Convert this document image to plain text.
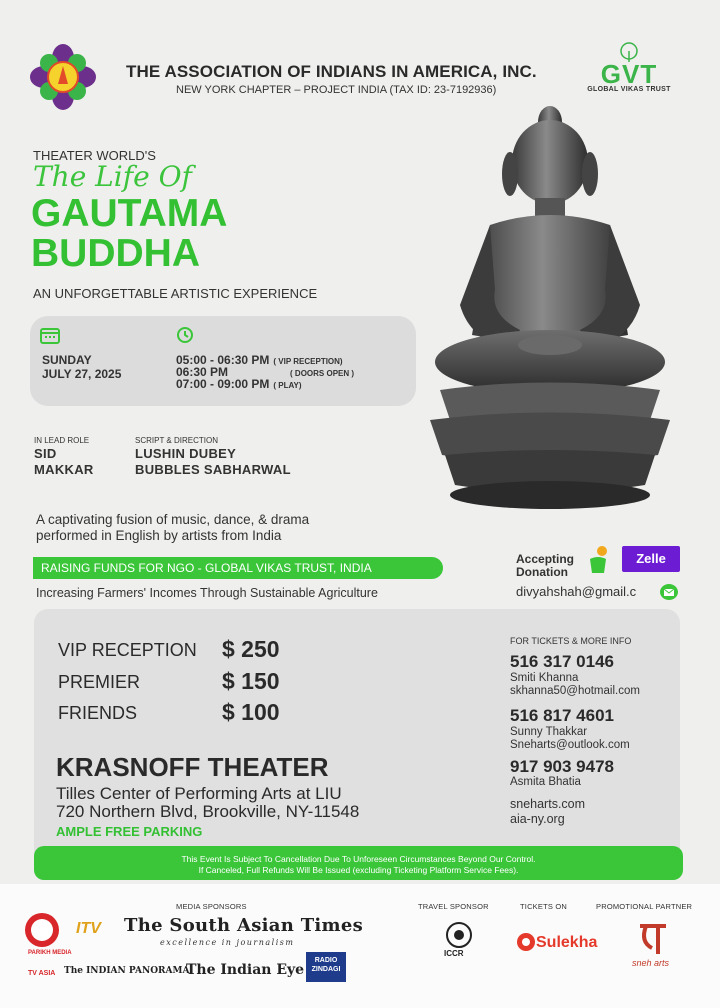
THE ASSOCIATION OF INDIANS IN AMERICA, INC.
NEW YORK CHAPTER – PROJECT INDIA (TAX ID: 23-7192936)
GVT
GLOBAL VIKAS TRUST
THEATER WORLD'S
The Life Of
GAUTAMA
BUDDHA
AN UNFORGETTABLE ARTISTIC EXPERIENCE
SUNDAY
JULY 27, 2025
05:00 - 06:30 PM ( VIP RECEPTION)
06:30 PM	( DOORS OPEN )
07:00 - 09:00 PM ( PLAY)
IN LEAD ROLE
SID
MAKKAR
SCRIPT & DIRECTION
LUSHIN DUBEY
BUBBLES SABHARWAL
A captivating fusion of music, dance, & drama
performed in English by artists from India
RAISING FUNDS FOR NGO - GLOBAL VIKAS TRUST, INDIA
Increasing Farmers' Incomes Through Sustainable Agriculture
Accepting
Donation
Zelle
divyahshah@gmail.c
VIP RECEPTION $ 250
PREMIER	$ 150
FRIENDS	$ 100
KRASNOFF THEATER
Tilles Center of Performing Arts at LIU
720 Northern Blvd, Brookville, NY-11548
AMPLE FREE PARKING
FOR TICKETS & MORE INFO
516 317 0146
Smiti Khanna
skhanna50@hotmail.com
516 817 4601
Sunny Thakkar
Sneharts@outlook.com
917 903 9478
Asmita Bhatia
sneharts.com
aia-ny.org
This Event Is Subject To Cancellation Due To Unforeseen Circumstances Beyond Our Control.
If Canceled, Full Refunds Will Be Issued (excluding Ticketing Platform Service Fees).
MEDIA SPONSORS	TRAVEL SPONSOR	TICKETS ON	PROMOTIONAL PARTNER
PARIKH MEDIA
ITV
TV ASIA
The South Asian Times
excellence in journalism
The INDIAN PANORAMA
The Indian Eye
RADIO ZINDAGI
ICCR
Sulekha
sneh arts
